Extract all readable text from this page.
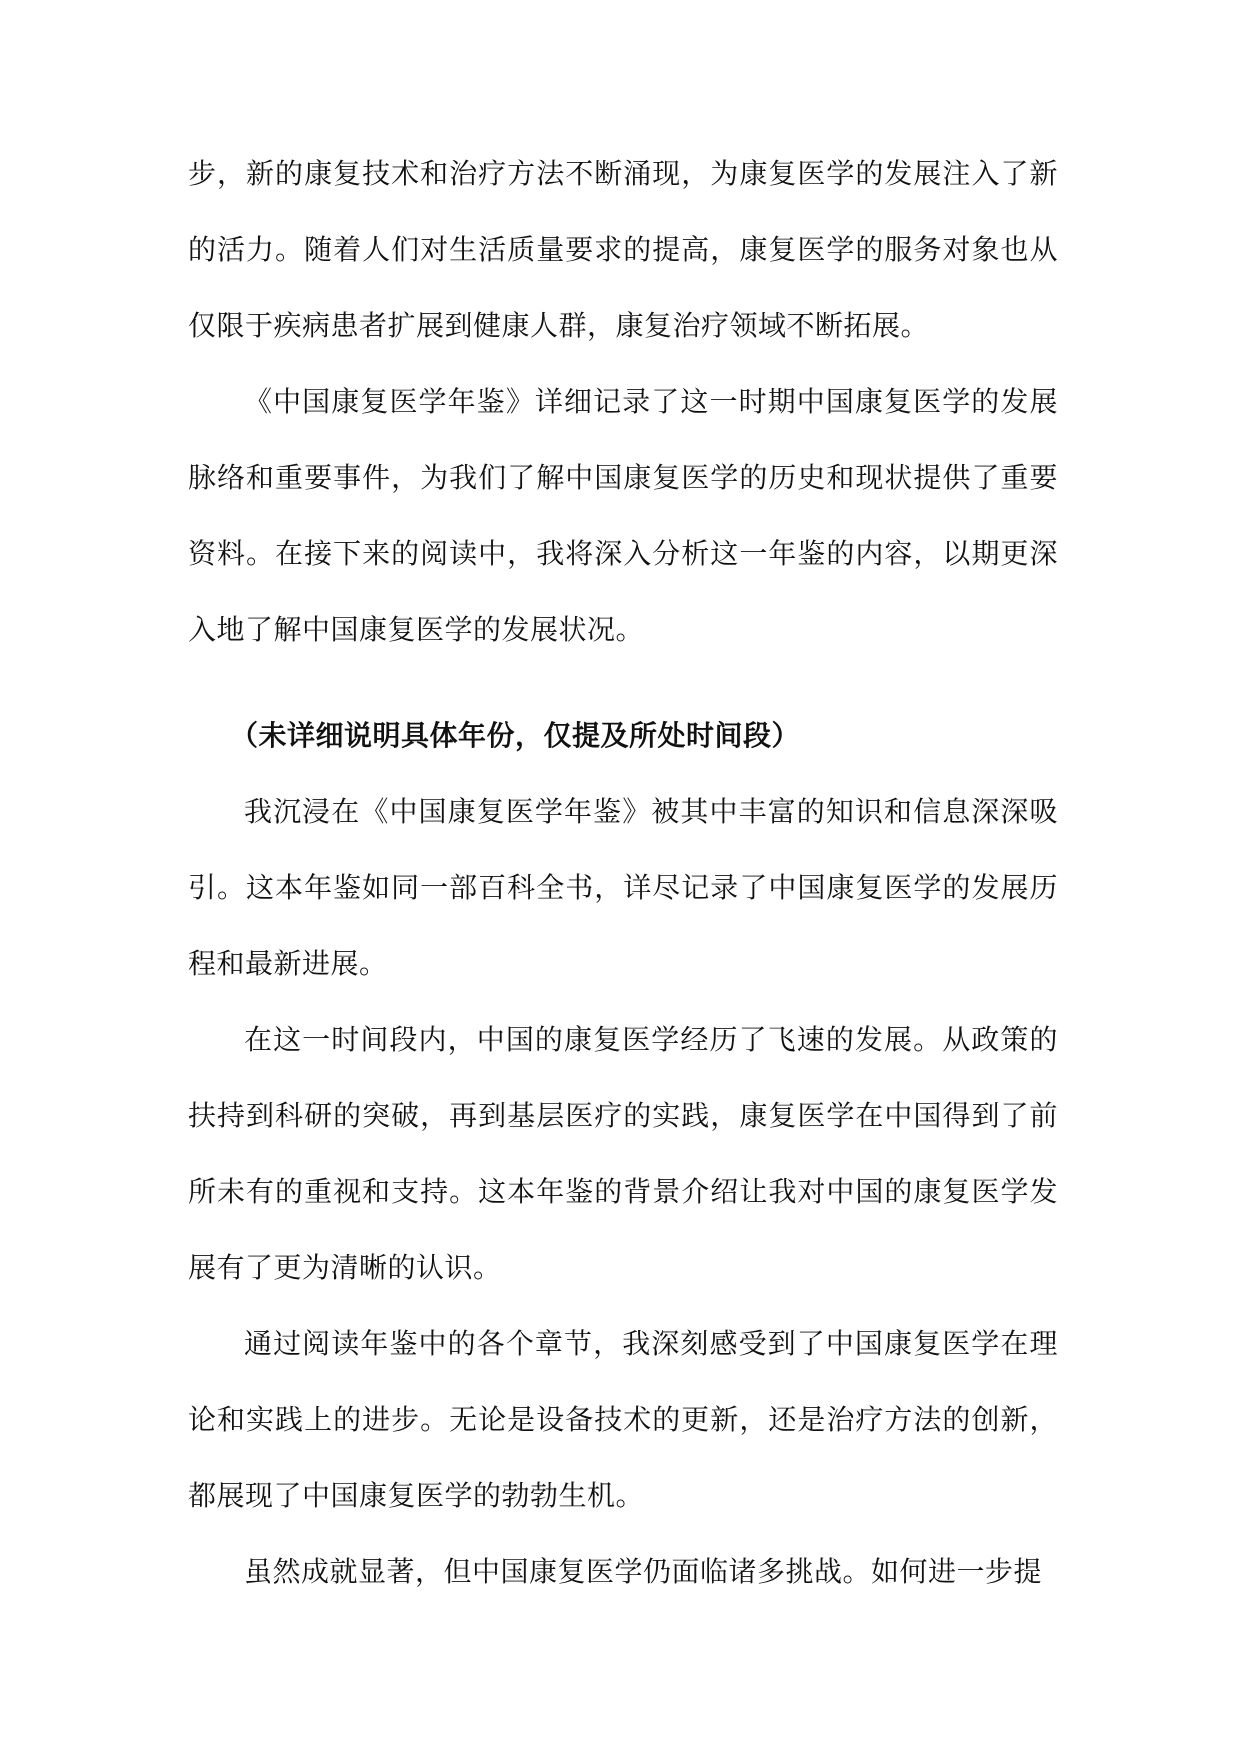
步，新的康复技术和治疗方法不断涌现，为康复医学的发展注入了新的活力。随着人们对生活质量要求的提高，康复医学的服务对象也从仅限于疾病患者扩展到健康人群，康复治疗领域不断拓展。

《中国康复医学年鉴》详细记录了这一时期中国康复医学的发展脉络和重要事件，为我们了解中国康复医学的历史和现状提供了重要资料。在接下来的阅读中，我将深入分析这一年鉴的内容，以期更深入地了解中国康复医学的发展状况。

（未详细说明具体年份，仅提及所处时间段）

我沉浸在《中国康复医学年鉴》被其中丰富的知识和信息深深吸引。这本年鉴如同一部百科全书，详尽记录了中国康复医学的发展历程和最新进展。

在这一时间段内，中国的康复医学经历了飞速的发展。从政策的扶持到科研的突破，再到基层医疗的实践，康复医学在中国得到了前所未有的重视和支持。这本年鉴的背景介绍让我对中国的康复医学发展有了更为清晰的认识。

通过阅读年鉴中的各个章节，我深刻感受到了中国康复医学在理论和实践上的进步。无论是设备技术的更新，还是治疗方法的创新，都展现了中国康复医学的勃勃生机。

虽然成就显著，但中国康复医学仍面临诸多挑战。如何进一步提
